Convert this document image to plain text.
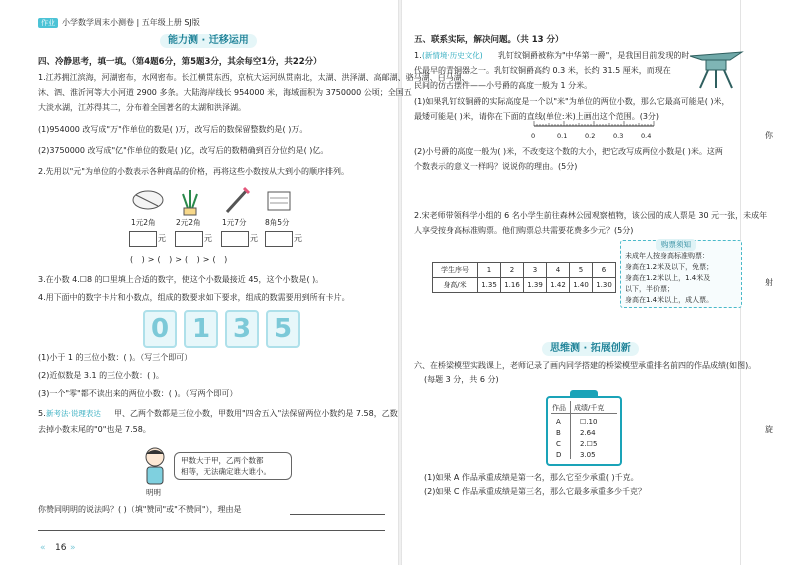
作业 小学数学周末小测卷 | 五年级上册 SJ版
能力测 · 迁移运用
四、冷静思考，填一填。（第4题6分，第5题3分，其余每空1分，共22分）
1.江苏拥江滨海，河湖密布，水网密布。长江横贯东西，京杭大运河纵贯南北，太湖、洪泽湖、高邮湖、骆马湖、白马湖、
沐、泗、淮沂河等大小河道 2900 多条。大陆海岸线长 954000 米，海域面积为 3750000 公顷；全国五
大淡水湖，江苏得其二，分布着全国著名的太湖和洪泽湖。
(1)954000 改写成"万"作单位的数是( )万，改写后的数保留整数约是( )万。
(2)3750000 改写成"亿"作单位的数是( )亿，改写后的数精确到百分位约是( )亿。
2.先用以"元"为单位的小数表示各种商品的价格，再将这些小数按从大到小的顺序排列。
1元2角	2元2角	1元7分 8角5分
元	元	元	元
( )>( )>( )>( )
3.在小数 4.☐8 的☐里填上合适的数字，使这个小数最接近 45，这个小数是( )。
4.用下面中的数字卡片和小数点，组成的数要求如下要求，组成的数需要用到所有卡片。
0 1 3 5
(1)小于 1 的三位小数：( )。（写三个即可）
(2)近似数是 3.1 的三位小数：( )。
(3)一个"零"都不读出来的两位小数：( )。（写两个即可）
5. 新考法·说理表达 甲、乙两个数都是三位小数，甲数用"四舍五入"法保留两位小数约是 7.58，乙数
去掉小数末尾的"0"也是 7.58。
明明
甲数大于甲，乙两个数都
相等，无法确定谁大谁小。
你赞同明明的说法吗？( )（填"赞同"或"不赞同"），理由是
« 16 »
五、联系实际，解决问题。（共 13 分）
1. (新情境·历史文化) 乳钉纹铜爵被称为"中华第一爵"，是我国目前发现的时
代最早的青铜器之一。乳钉纹铜爵高约 0.3 米，长约 31.5 厘米，而现在
民间的仿古摆件——小号爵的高度一般为 1 分米。
(1)如果乳钉纹铜爵的实际高度是一个以"米"为单位的两位小数，那么它最高可能是( )米，
最矮可能是( )米，请你在下面的直线(单位:米)上画出这个范围。(3分)
0	0.1	0.2	0.3	0.4
(2)小号爵的高度一般为( )米，不改变这个数的大小，把它改写成两位小数是( )米。这两
个数表示的意义一样吗？说说你的理由。(5分)
2.宋老师带领科学小组的 6 名小学生前往森林公园观察植物，该公园的成人票是 30 元一张，未成年
人享受按身高标准购票。他们购票总共需要花费多少元？(5分)
学生序号	1	2	3	4	5	6
身高/米	1.35	1.16	1.39	1.42	1.40	1.30
购票须知
未成年人按身高标准购票：
身高在1.2米及以下，免票；
身高在1.2米以上，1.4米及
以下，半价票；
身高在1.4米以上，成人票。
思维测 · 拓展创新
六、在桥梁模型实践课上，老师记录了画内同学搭建的桥梁模型承重排名前四的作品成绩(如图)。
(每题 3 分，共 6 分)
作品 成绩/千克
A	☐.10
B	2.64
C	2.☐5
D	3.05
(1)如果 A 作品承重成绩是第一名，那么它至少承重( )千克。
(2)如果 C 作品承重成绩是第三名，那么它最多承重多少千克？
你
射
旋
